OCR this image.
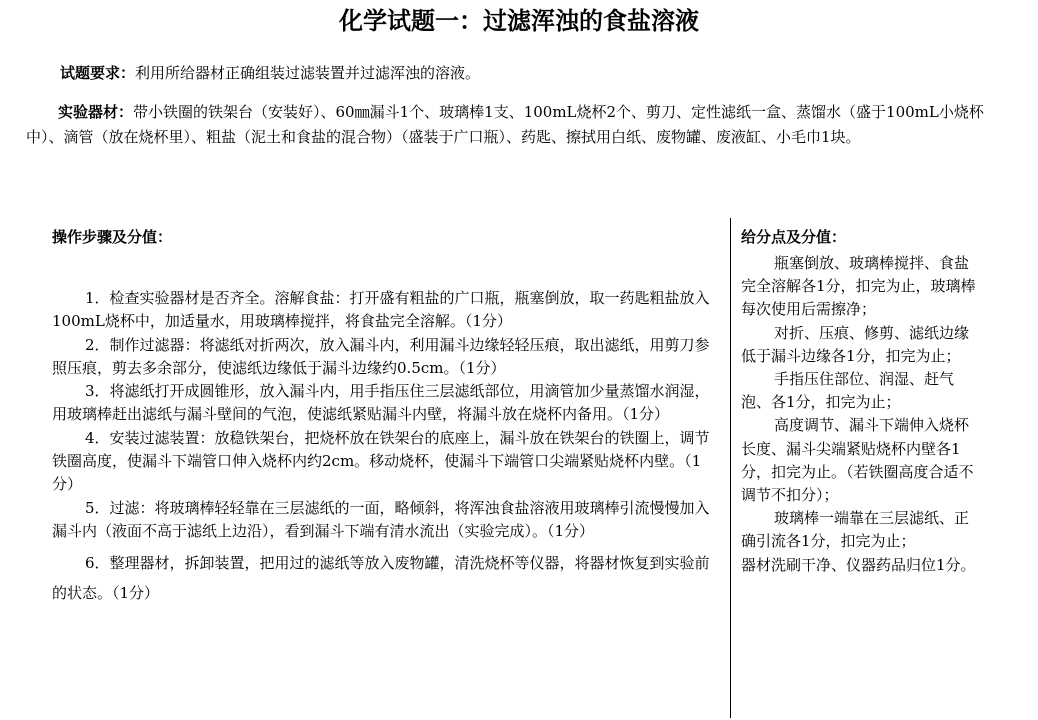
化学试题一：过滤浑浊的食盐溶液
试题要求：利用所给器材正确组装过滤装置并过滤浑浊的溶液。
实验器材：带小铁圈的铁架台（安装好）、60㎜漏斗1个、玻璃棒1支、100mL烧杯2个、剪刀、定性滤纸一盒、蒸馏水（盛于100mL小烧杯中）、滴管（放在烧杯里）、粗盐（泥土和食盐的混合物）（盛装于广口瓶）、药匙、擦拭用白纸、废物罐、废液缸、小毛巾1块。
操作步骤及分值：	给分点及分值：

1．检查实验器材是否齐全。溶解食盐：打开盛有粗盐的广口瓶，瓶塞倒放，取一药匙粗盐放入100mL烧杯中，加适量水，用玻璃棒搅拌，将食盐完全溶解。（1分）

2．制作过滤器：将滤纸对折两次，放入漏斗内，利用漏斗边缘轻轻压痕，取出滤纸，用剪刀参照压痕，剪去多余部分，使滤纸边缘低于漏斗边缘约0.5cm。（1分）

3．将滤纸打开成圆锥形，放入漏斗内，用手指压住三层滤纸部位，用滴管加少量蒸馏水润湿，用玻璃棒赶出滤纸与漏斗壁间的气泡，使滤纸紧贴漏斗内壁，将漏斗放在烧杯内备用。（1分）

4．安装过滤装置：放稳铁架台，把烧杯放在铁架台的底座上，漏斗放在铁架台的铁圈上，调节铁圈高度，使漏斗下端管口伸入烧杯内约2cm。移动烧杯，使漏斗下端管口尖端紧贴烧杯内壁。（1分）

5．过滤：将玻璃棒轻轻靠在三层滤纸的一面，略倾斜，将浑浊食盐溶液用玻璃棒引流慢慢加入漏斗内（液面不高于滤纸上边沿），看到漏斗下端有清水流出（实验完成）。（1分）

6．整理器材，拆卸装置，把用过的滤纸等放入废物罐，清洗烧杯等仪器，将器材恢复到实验前的状态。（1分）

瓶塞倒放、玻璃棒搅拌、食盐完全溶解各1分，扣完为止，玻璃棒每次使用后需擦净；

对折、压痕、修剪、滤纸边缘低于漏斗边缘各1分，扣完为止；

手指压住部位、润湿、赶气泡、各1分，扣完为止；

高度调节、漏斗下端伸入烧杯长度、漏斗尖端紧贴烧杯内壁各1分，扣完为止。（若铁圈高度合适不调节不扣分）；

玻璃棒一端靠在三层滤纸、正确引流各1分，扣完为止；

器材洗刷干净、仪器药品归位1分。
